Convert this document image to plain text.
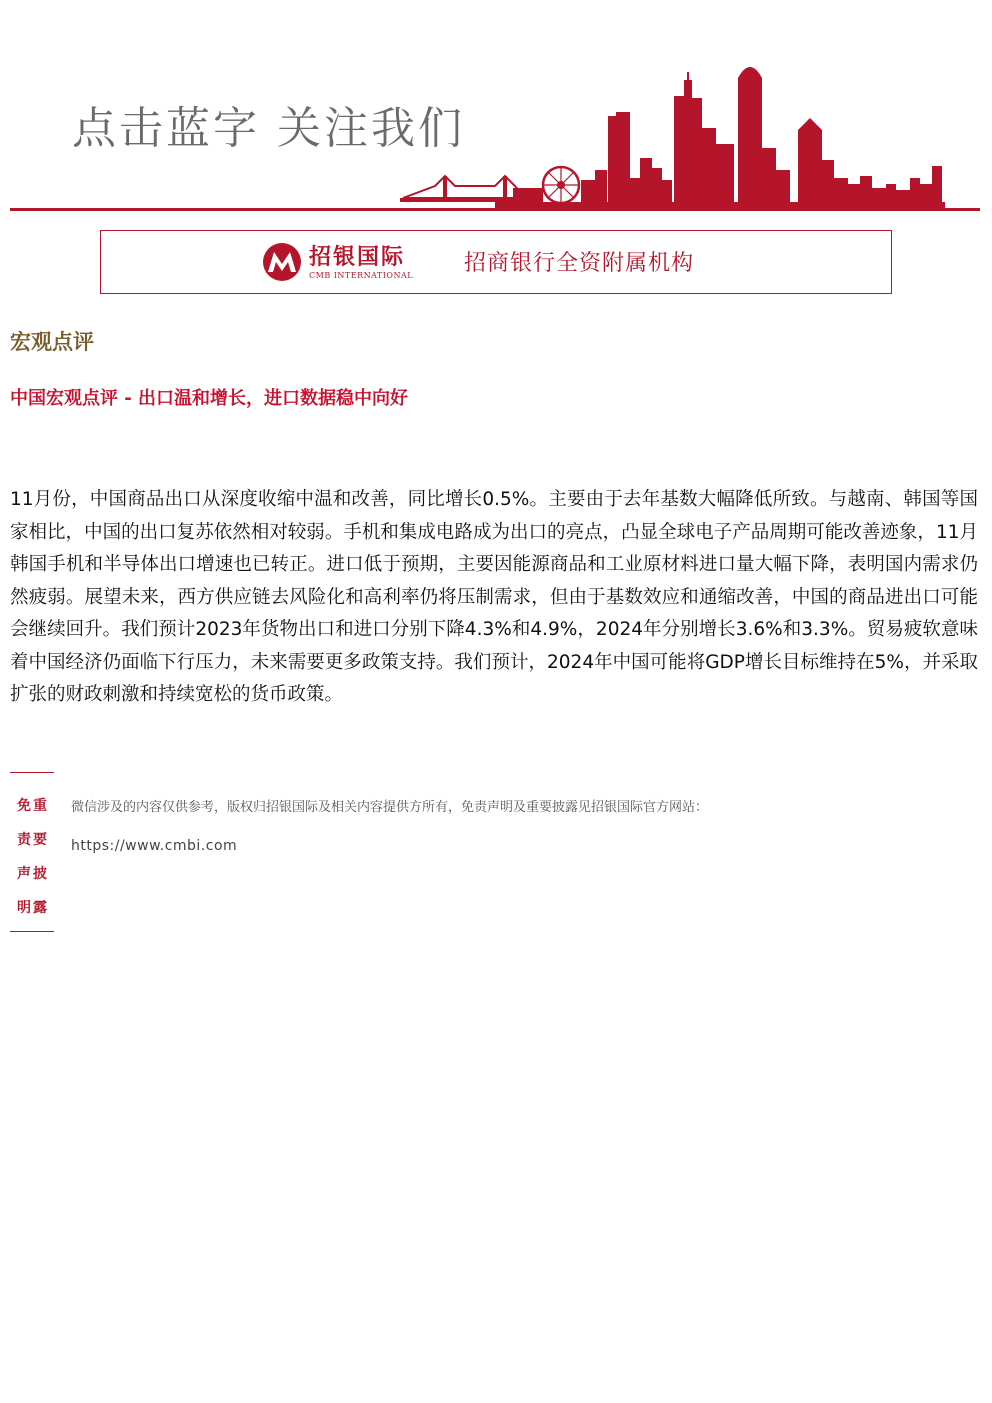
点击蓝字 关注我们
招银国际
CMB INTERNATIONAL 招商银行全资附属机构
宏观点评
中国宏观点评 - 出口温和增长，进口数据稳中向好
11月份，中国商品出口从深度收缩中温和改善，同比增长0.5%。主要由于去年基数大幅降低所致。与越南、韩国等国家相比，中国的出口复苏依然相对较弱。手机和集成电路成为出口的亮点，凸显全球电子产品周期可能改善迹象，11月韩国手机和半导体出口增速也已转正。进口低于预期，主要因能源商品和工业原材料进口量大幅下降，表明国内需求仍然疲弱。展望未来，西方供应链去风险化和高利率仍将压制需求，但由于基数效应和通缩改善，中国的商品进出口可能会继续回升。我们预计2023年货物出口和进口分别下降4.3%和4.9%，2024年分别增长3.6%和3.3%。贸易疲软意味着中国经济仍面临下行压力，未来需要更多政策支持。我们预计，2024年中国可能将GDP增长目标维持在5%，并采取扩张的财政刺激和持续宽松的货币政策。
免
责
声
明
重
要
披
露
微信涉及的内容仅供参考，版权归招银国际及相关内容提供方所有，免责声明及重要披露见招银国际官方网站：
https://www.cmbi.com
